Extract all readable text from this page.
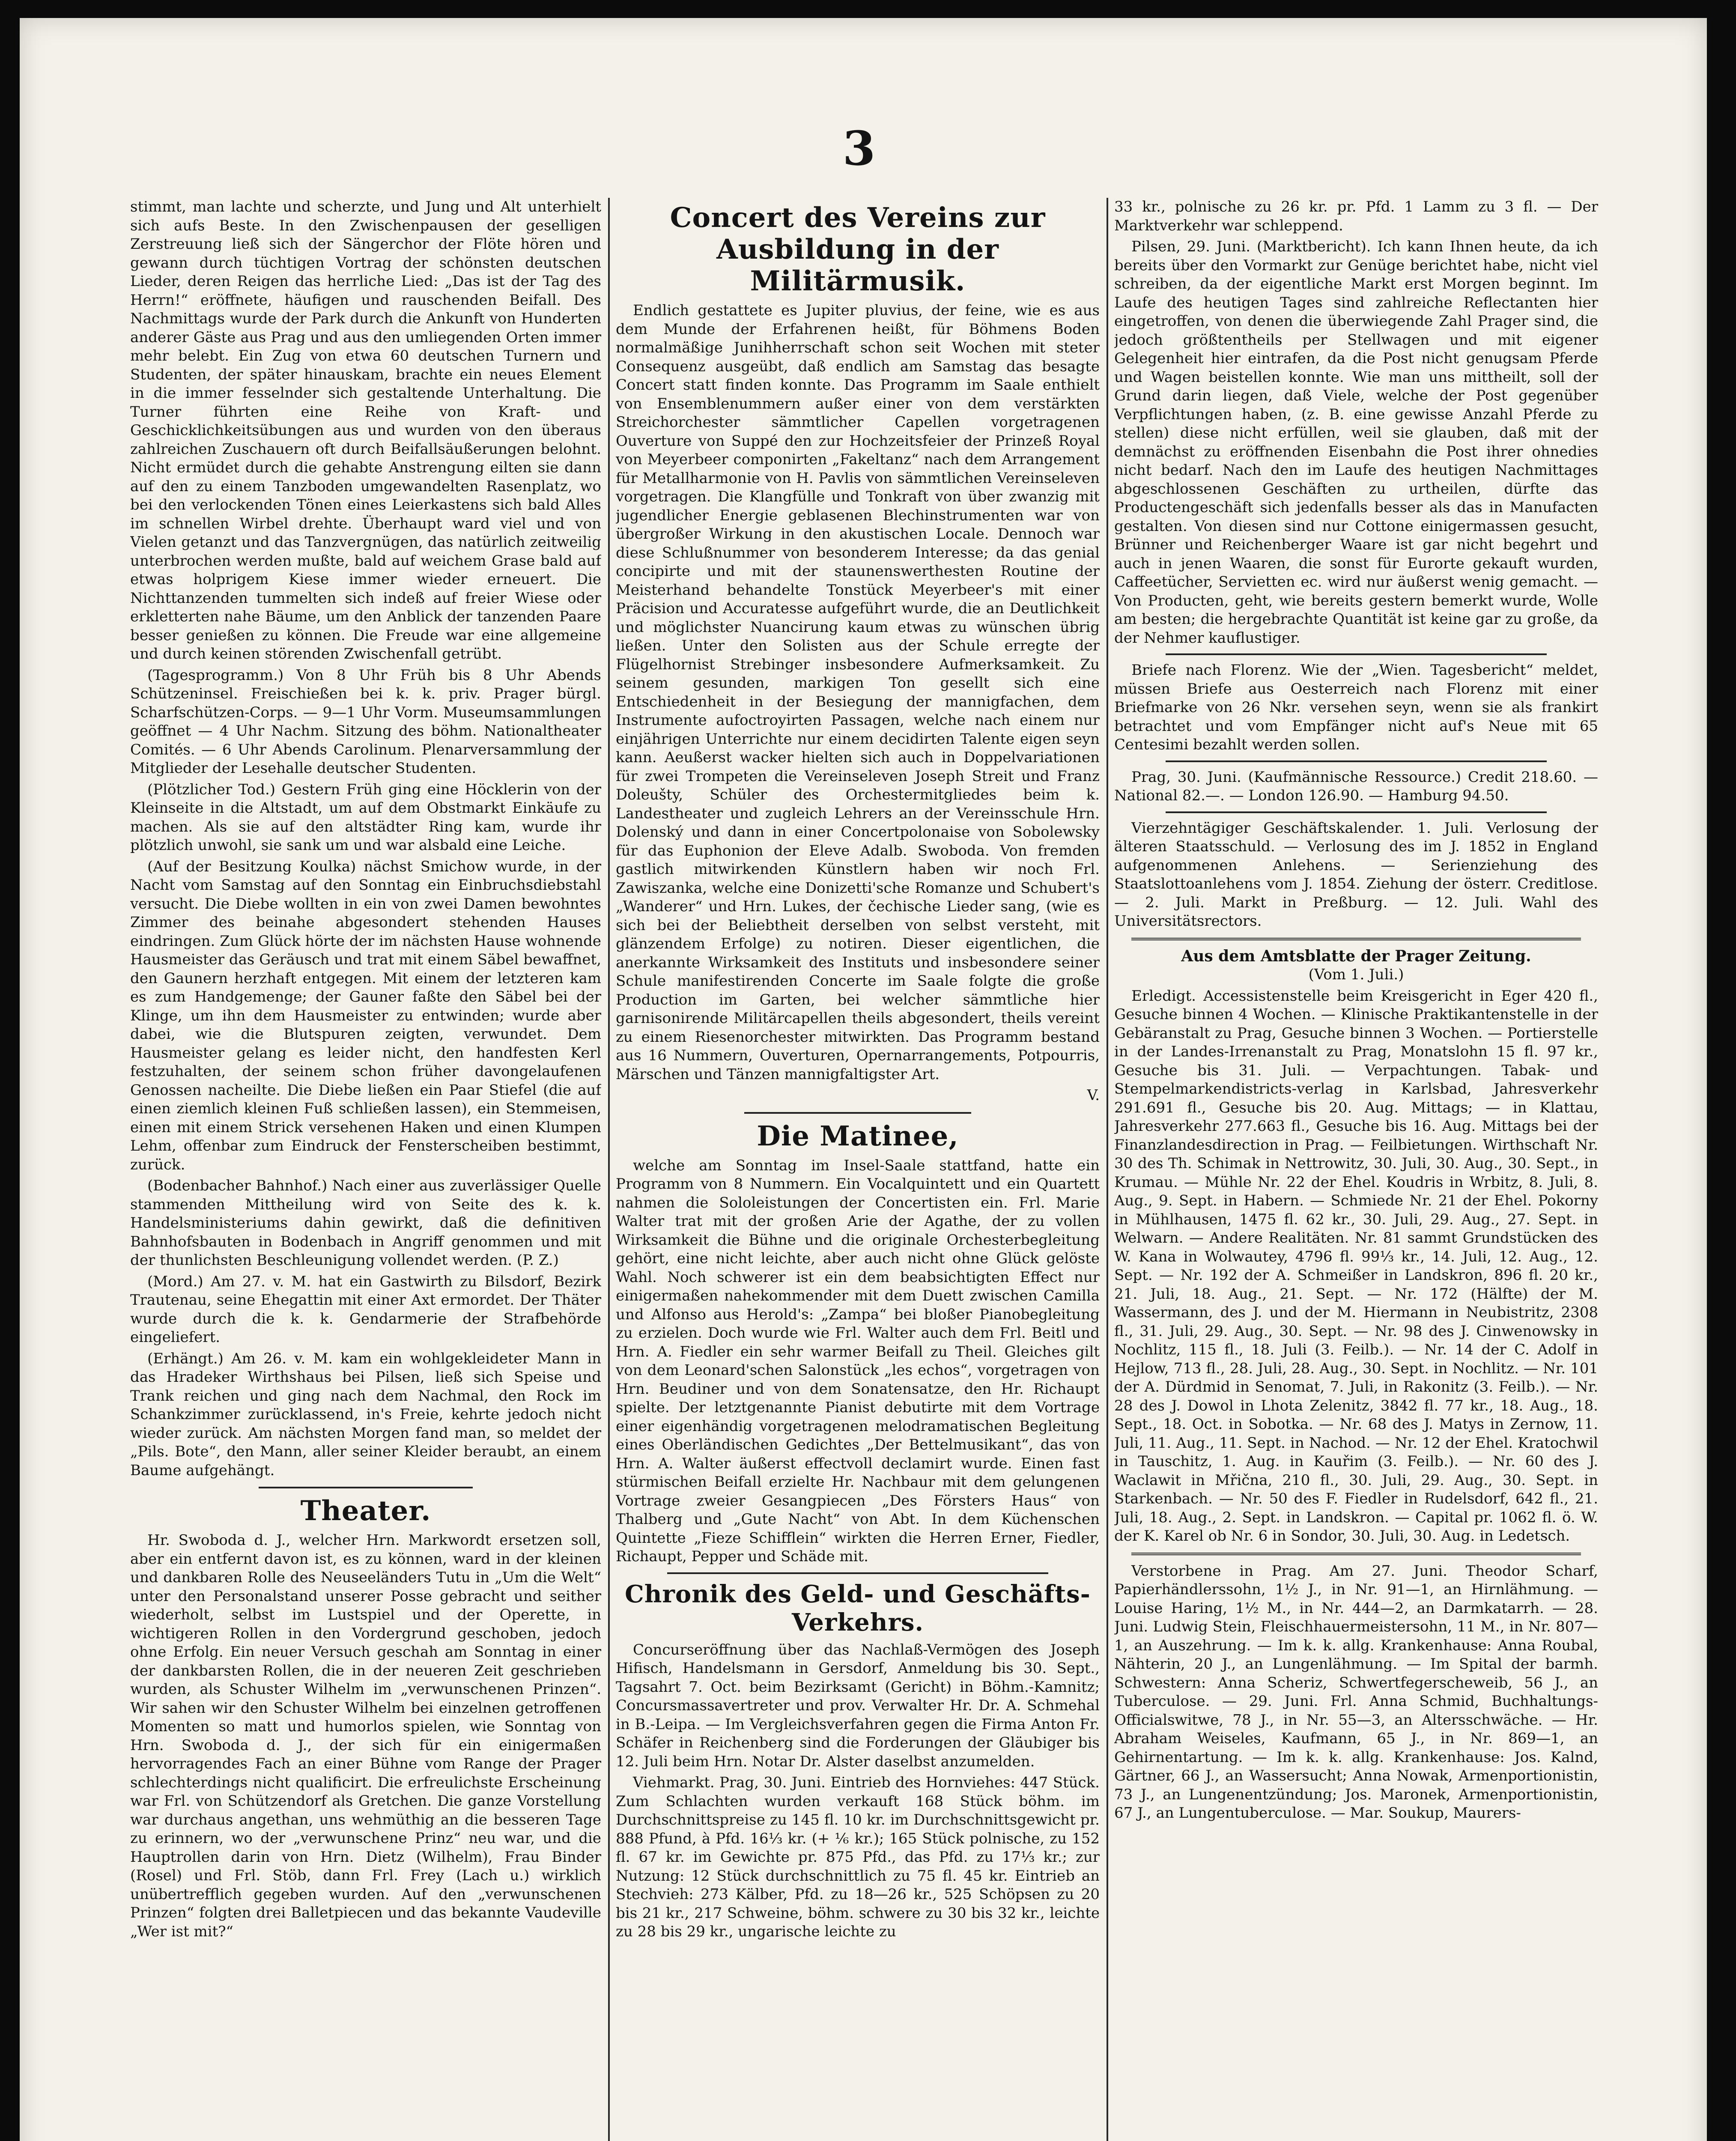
3

stimmt, man lachte und scherzte, und Jung und Alt unterhielt sich aufs Beste. In den Zwischenpausen der geselligen Zerstreuung ließ sich der Sängerchor der Flöte hören und gewann durch tüchtigen Vortrag der schönsten deutschen Lieder, deren Reigen das herrliche Lied: „Das ist der Tag des Herrn!“ eröffnete, häufigen und rauschenden Beifall. Des Nachmittags wurde der Park durch die Ankunft von Hunderten anderer Gäste aus Prag und aus den umliegenden Orten immer mehr belebt. Ein Zug von etwa 60 deutschen Turnern und Studenten, der später hinauskam, brachte ein neues Element in die immer fesselnder sich gestaltende Unterhaltung. Die Turner führten eine Reihe von Kraft- und Geschicklichkeitsübungen aus und wurden von den überaus zahlreichen Zuschauern oft durch Beifallsäußerungen belohnt. Nicht ermüdet durch die gehabte Anstrengung eilten sie dann auf den zu einem Tanzboden umgewandelten Rasenplatz, wo bei den verlockenden Tönen eines Leierkastens sich bald Alles im schnellen Wirbel drehte. Überhaupt ward viel und von Vielen getanzt und das Tanzvergnügen, das natürlich zeitweilig unterbrochen werden mußte, bald auf weichem Grase bald auf etwas holprigem Kiese immer wieder erneuert. Die Nichttanzenden tummelten sich indeß auf freier Wiese oder erkletterten nahe Bäume, um den Anblick der tanzenden Paare besser genießen zu können. Die Freude war eine allgemeine und durch keinen störenden Zwischenfall getrübt.

(Tagesprogramm.) Von 8 Uhr Früh bis 8 Uhr Abends Schützeninsel. Freischießen bei k. k. priv. Prager bürgl. Scharfschützen-Corps. — 9—1 Uhr Vorm. Museumsammlungen geöffnet — 4 Uhr Nachm. Sitzung des böhm. Nationaltheater Comités. — 6 Uhr Abends Carolinum. Plenarversammlung der Mitglieder der Lesehalle deutscher Studenten.

(Plötzlicher Tod.) Gestern Früh ging eine Höcklerin von der Kleinseite in die Altstadt, um auf dem Obstmarkt Einkäufe zu machen. Als sie auf den altstädter Ring kam, wurde ihr plötzlich unwohl, sie sank um und war alsbald eine Leiche.

(Auf der Besitzung Koulka) nächst Smichow wurde, in der Nacht vom Samstag auf den Sonntag ein Einbruchsdiebstahl versucht. Die Diebe wollten in ein von zwei Damen bewohntes Zimmer des beinahe abgesondert stehenden Hauses eindringen. Zum Glück hörte der im nächsten Hause wohnende Hausmeister das Geräusch und trat mit einem Säbel bewaffnet, den Gaunern herzhaft entgegen. Mit einem der letzteren kam es zum Handgemenge; der Gauner faßte den Säbel bei der Klinge, um ihn dem Hausmeister zu entwinden; wurde aber dabei, wie die Blutspuren zeigten, verwundet. Dem Hausmeister gelang es leider nicht, den handfesten Kerl festzuhalten, der seinem schon früher davongelaufenen Genossen nacheilte. Die Diebe ließen ein Paar Stiefel (die auf einen ziemlich kleinen Fuß schließen lassen), ein Stemmeisen, einen mit einem Strick versehenen Haken und einen Klumpen Lehm, offenbar zum Eindruck der Fensterscheiben bestimmt, zurück.

(Bodenbacher Bahnhof.) Nach einer aus zuverlässiger Quelle stammenden Mittheilung wird von Seite des k. k. Handelsministeriums dahin gewirkt, daß die definitiven Bahnhofsbauten in Bodenbach in Angriff genommen und mit der thunlichsten Beschleunigung vollendet werden. (P. Z.)

(Mord.) Am 27. v. M. hat ein Gastwirth zu Bilsdorf, Bezirk Trautenau, seine Ehegattin mit einer Axt ermordet. Der Thäter wurde durch die k. k. Gendarmerie der Strafbehörde eingeliefert.

(Erhängt.) Am 26. v. M. kam ein wohlgekleideter Mann in das Hradeker Wirthshaus bei Pilsen, ließ sich Speise und Trank reichen und ging nach dem Nachmal, den Rock im Schankzimmer zurücklassend, in's Freie, kehrte jedoch nicht wieder zurück. Am nächsten Morgen fand man, so meldet der „Pils. Bote“, den Mann, aller seiner Kleider beraubt, an einem Baume aufgehängt.

Theater.

Hr. Swoboda d. J., welcher Hrn. Markwordt ersetzen soll, aber ein entfernt davon ist, es zu können, ward in der kleinen und dankbaren Rolle des Neuseeländers Tutu in „Um die Welt“ unter den Personalstand unserer Posse gebracht und seither wiederholt, selbst im Lustspiel und der Operette, in wichtigeren Rollen in den Vordergrund geschoben, jedoch ohne Erfolg. Ein neuer Versuch geschah am Sonntag in einer der dankbarsten Rollen, die in der neueren Zeit geschrieben wurden, als Schuster Wilhelm im „verwunschenen Prinzen“. Wir sahen wir den Schuster Wilhelm bei einzelnen getroffenen Momenten so matt und humorlos spielen, wie Sonntag von Hrn. Swoboda d. J., der sich für ein einigermaßen hervorragendes Fach an einer Bühne vom Range der Prager schlechterdings nicht qualificirt. Die erfreulichste Erscheinung war Frl. von Schützendorf als Gretchen. Die ganze Vorstellung war durchaus angethan, uns wehmüthig an die besseren Tage zu erinnern, wo der „verwunschene Prinz“ neu war, und die Hauptrollen darin von Hrn. Dietz (Wilhelm), Frau Binder (Rosel) und Frl. Stöb, dann Frl. Frey (Lach u.) wirklich unübertrefflich gegeben wurden. Auf den „verwunschenen Prinzen“ folgten drei Balletpiecen und das bekannte Vaudeville „Wer ist mit?“

Concert des Vereins zur Ausbildung in der Militärmusik.

Endlich gestattete es Jupiter pluvius, der feine, wie es aus dem Munde der Erfahrenen heißt, für Böhmens Boden normalmäßige Junihherrschaft schon seit Wochen mit steter Consequenz ausgeübt, daß endlich am Samstag das besagte Concert statt finden konnte. Das Programm im Saale enthielt von Ensemblenummern außer einer von dem verstärkten Streichorchester sämmtlicher Capellen vorgetragenen Ouverture von Suppé den zur Hochzeitsfeier der Prinzeß Royal von Meyerbeer componirten „Fakeltanz“ nach dem Arrangement für Metallharmonie von H. Pavlis von sämmtlichen Vereinseleven vorgetragen. Die Klangfülle und Tonkraft von über zwanzig mit jugendlicher Energie geblasenen Blechinstrumenten war von übergroßer Wirkung in den akustischen Locale. Dennoch war diese Schlußnummer von besonderem Interesse; da das genial concipirte und mit der staunenswerthesten Routine der Meisterhand behandelte Tonstück Meyerbeer's mit einer Präcision und Accuratesse aufgeführt wurde, die an Deutlichkeit und möglichster Nuancirung kaum etwas zu wünschen übrig ließen. Unter den Solisten aus der Schule erregte der Flügelhornist Strebinger insbesondere Aufmerksamkeit. Zu seinem gesunden, markigen Ton gesellt sich eine Entschiedenheit in der Besiegung der mannigfachen, dem Instrumente aufoctroyirten Passagen, welche nach einem nur einjährigen Unterrichte nur einem decidirten Talente eigen seyn kann. Aeußerst wacker hielten sich auch in Doppelvariationen für zwei Trompeten die Vereinseleven Joseph Streit und Franz Doleušty, Schüler des Orchestermitgliedes beim k. Landestheater und zugleich Lehrers an der Vereinsschule Hrn. Dolenský und dann in einer Concertpolonaise von Sobolewsky für das Euphonion der Eleve Adalb. Swoboda. Von fremden gastlich mitwirkenden Künstlern haben wir noch Frl. Zawiszanka, welche eine Donizetti'sche Romanze und Schubert's „Wanderer“ und Hrn. Lukes, der čechische Lieder sang, (wie es sich bei der Beliebtheit derselben von selbst versteht, mit glänzendem Erfolge) zu notiren. Dieser eigentlichen, die anerkannte Wirksamkeit des Instituts und insbesondere seiner Schule manifestirenden Concerte im Saale folgte die große Production im Garten, bei welcher sämmtliche hier garnisonirende Militärcapellen theils abgesondert, theils vereint zu einem Riesenorchester mitwirkten. Das Programm bestand aus 16 Nummern, Ouverturen, Opernarrangements, Potpourris, Märschen und Tänzen mannigfaltigster Art.

V.
Die Matinee,

welche am Sonntag im Insel-Saale stattfand, hatte ein Programm von 8 Nummern. Ein Vocalquintett und ein Quartett nahmen die Sololeistungen der Concertisten ein. Frl. Marie Walter trat mit der großen Arie der Agathe, der zu vollen Wirksamkeit die Bühne und die originale Orchesterbegleitung gehört, eine nicht leichte, aber auch nicht ohne Glück gelöste Wahl. Noch schwerer ist ein dem beabsichtigten Effect nur einigermaßen nahekommender mit dem Duett zwischen Camilla und Alfonso aus Herold's: „Zampa“ bei bloßer Pianobegleitung zu erzielen. Doch wurde wie Frl. Walter auch dem Frl. Beitl und Hrn. A. Fiedler ein sehr warmer Beifall zu Theil. Gleiches gilt von dem Leonard'schen Salonstück „les echos“, vorgetragen von Hrn. Beudiner und von dem Sonatensatze, den Hr. Richaupt spielte. Der letztgenannte Pianist debutirte mit dem Vortrage einer eigenhändig vorgetragenen melodramatischen Begleitung eines Oberländischen Gedichtes „Der Bettelmusikant“, das von Hrn. A. Walter äußerst effectvoll declamirt wurde. Einen fast stürmischen Beifall erzielte Hr. Nachbaur mit dem gelungenen Vortrage zweier Gesangpiecen „Des Försters Haus“ von Thalberg und „Gute Nacht“ von Abt. In dem Küchenschen Quintette „Fieze Schifflein“ wirkten die Herren Erner, Fiedler, Richaupt, Pepper und Schäde mit.

Chronik des Geld- und Geschäfts-Verkehrs.

Concurseröffnung über das Nachlaß-Vermögen des Joseph Hifisch, Handelsmann in Gersdorf, Anmeldung bis 30. Sept., Tagsahrt 7. Oct. beim Bezirksamt (Gericht) in Böhm.-Kamnitz; Concursmassavertreter und prov. Verwalter Hr. Dr. A. Schmehal in B.-Leipa. — Im Vergleichsverfahren gegen die Firma Anton Fr. Schäfer in Reichenberg sind die Forderungen der Gläubiger bis 12. Juli beim Hrn. Notar Dr. Alster daselbst anzumelden.

Viehmarkt. Prag, 30. Juni. Eintrieb des Hornviehes: 447 Stück. Zum Schlachten wurden verkauft 168 Stück böhm. im Durchschnittspreise zu 145 fl. 10 kr. im Durchschnittsgewicht pr. 888 Pfund, à Pfd. 16⅓ kr. (+ ⅙ kr.); 165 Stück polnische, zu 152 fl. 67 kr. im Gewichte pr. 875 Pfd., das Pfd. zu 17⅓ kr.; zur Nutzung: 12 Stück durchschnittlich zu 75 fl. 45 kr. Eintrieb an Stechvieh: 273 Kälber, Pfd. zu 18—26 kr., 525 Schöpsen zu 20 bis 21 kr., 217 Schweine, böhm. schwere zu 30 bis 32 kr., leichte zu 28 bis 29 kr., ungarische leichte zu

33 kr., polnische zu 26 kr. pr. Pfd. 1 Lamm zu 3 fl. — Der Marktverkehr war schleppend.

Pilsen, 29. Juni. (Marktbericht). Ich kann Ihnen heute, da ich bereits über den Vormarkt zur Genüge berichtet habe, nicht viel schreiben, da der eigentliche Markt erst Morgen beginnt. Im Laufe des heutigen Tages sind zahlreiche Reflectanten hier eingetroffen, von denen die überwiegende Zahl Prager sind, die jedoch größtentheils per Stellwagen und mit eigener Gelegenheit hier eintrafen, da die Post nicht genugsam Pferde und Wagen beistellen konnte. Wie man uns mittheilt, soll der Grund darin liegen, daß Viele, welche der Post gegenüber Verpflichtungen haben, (z. B. eine gewisse Anzahl Pferde zu stellen) diese nicht erfüllen, weil sie glauben, daß mit der demnächst zu eröffnenden Eisenbahn die Post ihrer ohnedies nicht bedarf. Nach den im Laufe des heutigen Nachmittages abgeschlossenen Geschäften zu urtheilen, dürfte das Productengeschäft sich jedenfalls besser als das in Manufacten gestalten. Von diesen sind nur Cottone einigermassen gesucht, Brünner und Reichenberger Waare ist gar nicht begehrt und auch in jenen Waaren, die sonst für Eurorte gekauft wurden, Caffeetücher, Servietten ec. wird nur äußerst wenig gemacht. — Von Producten, geht, wie bereits gestern bemerkt wurde, Wolle am besten; die hergebrachte Quantität ist keine gar zu große, da der Nehmer kauflustiger.

Briefe nach Florenz. Wie der „Wien. Tagesbericht“ meldet, müssen Briefe aus Oesterreich nach Florenz mit einer Briefmarke von 26 Nkr. versehen seyn, wenn sie als frankirt betrachtet und vom Empfänger nicht auf's Neue mit 65 Centesimi bezahlt werden sollen.

Prag, 30. Juni. (Kaufmännische Ressource.) Credit 218.60. — National 82.—. — London 126.90. — Hamburg 94.50.

Vierzehntägiger Geschäftskalender. 1. Juli. Verlosung der älteren Staatsschuld. — Verlosung des im J. 1852 in England aufgenommenen Anlehens. — Serienziehung des Staatslottoanlehens vom J. 1854. Ziehung der österr. Creditlose. — 2. Juli. Markt in Preßburg. — 12. Juli. Wahl des Universitätsrectors.

Aus dem Amtsblatte der Prager Zeitung.
(Vom 1. Juli.)

Erledigt. Accessistenstelle beim Kreisgericht in Eger 420 fl., Gesuche binnen 4 Wochen. — Klinische Praktikantenstelle in der Gebäranstalt zu Prag, Gesuche binnen 3 Wochen. — Portierstelle in der Landes-Irrenanstalt zu Prag, Monatslohn 15 fl. 97 kr., Gesuche bis 31. Juli. — Verpachtungen. Tabak- und Stempelmarkendistricts-verlag in Karlsbad, Jahresverkehr 291.691 fl., Gesuche bis 20. Aug. Mittags; — in Klattau, Jahresverkehr 277.663 fl., Gesuche bis 16. Aug. Mittags bei der Finanzlandesdirection in Prag. — Feilbietungen. Wirthschaft Nr. 30 des Th. Schimak in Nettrowitz, 30. Juli, 30. Aug., 30. Sept., in Krumau. — Mühle Nr. 22 der Ehel. Koudris in Wrbitz, 8. Juli, 8. Aug., 9. Sept. in Habern. — Schmiede Nr. 21 der Ehel. Pokorny in Mühlhausen, 1475 fl. 62 kr., 30. Juli, 29. Aug., 27. Sept. in Welwarn. — Andere Realitäten. Nr. 81 sammt Grundstücken des W. Kana in Wolwautey, 4796 fl. 99⅓ kr., 14. Juli, 12. Aug., 12. Sept. — Nr. 192 der A. Schmeißer in Landskron, 896 fl. 20 kr., 21. Juli, 18. Aug., 21. Sept. — Nr. 172 (Hälfte) der M. Wassermann, des J. und der M. Hiermann in Neubistritz, 2308 fl., 31. Juli, 29. Aug., 30. Sept. — Nr. 98 des J. Cinwenowsky in Nochlitz, 115 fl., 18. Juli (3. Feilb.). — Nr. 14 der C. Adolf in Hejlow, 713 fl., 28. Juli, 28. Aug., 30. Sept. in Nochlitz. — Nr. 101 der A. Dürdmid in Senomat, 7. Juli, in Rakonitz (3. Feilb.). — Nr. 28 des J. Dowol in Lhota Zelenitz, 3842 fl. 77 kr., 18. Aug., 18. Sept., 18. Oct. in Sobotka. — Nr. 68 des J. Matys in Zernow, 11. Juli, 11. Aug., 11. Sept. in Nachod. — Nr. 12 der Ehel. Kratochwil in Tauschitz, 1. Aug. in Kauřim (3. Feilb.). — Nr. 60 des J. Waclawit in Mřična, 210 fl., 30. Juli, 29. Aug., 30. Sept. in Starkenbach. — Nr. 50 des F. Fiedler in Rudelsdorf, 642 fl., 21. Juli, 18. Aug., 2. Sept. in Landskron. — Capital pr. 1062 fl. ö. W. der K. Karel ob Nr. 6 in Sondor, 30. Juli, 30. Aug. in Ledetsch.

Verstorbene in Prag. Am 27. Juni. Theodor Scharf, Papierhändlerssohn, 1½ J., in Nr. 91—1, an Hirnlähmung. — Louise Haring, 1½ M., in Nr. 444—2, an Darmkatarrh. — 28. Juni. Ludwig Stein, Fleischhauermeistersohn, 11 M., in Nr. 807—1, an Auszehrung. — Im k. k. allg. Krankenhause: Anna Roubal, Nähterin, 20 J., an Lungenlähmung. — Im Spital der barmh. Schwestern: Anna Scheriz, Schwertfegerscheweib, 56 J., an Tuberculose. — 29. Juni. Frl. Anna Schmid, Buchhaltungs-Officialswitwe, 78 J., in Nr. 55—3, an Altersschwäche. — Hr. Abraham Weiseles, Kaufmann, 65 J., in Nr. 869—1, an Gehirnentartung. — Im k. k. allg. Krankenhause: Jos. Kalnd, Gärtner, 66 J., an Wassersucht; Anna Nowak, Armenportionistin, 73 J., an Lungenentzündung; Jos. Maronek, Armenportionistin, 67 J., an Lungentuberculose. — Mar. Soukup, Maurers-
